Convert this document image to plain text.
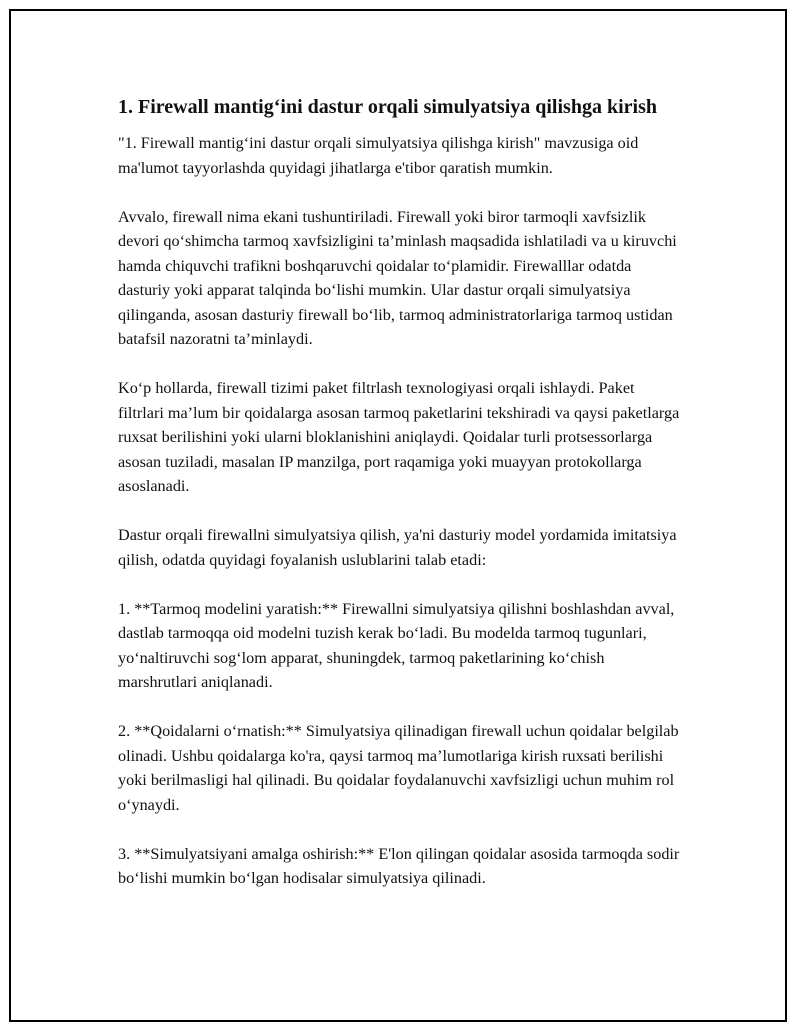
1. Firewall mantig‘ini dastur orqali simulyatsiya qilishga kirish

"1. Firewall mantig‘ini dastur orqali simulyatsiya qilishga kirish" mavzusiga oid ma'lumot tayyorlashda quyidagi jihatlarga e'tibor qaratish mumkin.

Avvalo, firewall nima ekani tushuntiriladi. Firewall yoki biror tarmoqli xavfsizlik devori qo‘shimcha tarmoq xavfsizligini ta’minlash maqsadida ishlatiladi va u kiruvchi hamda chiquvchi trafikni boshqaruvchi qoidalar to‘plamidir. Firewalllar odatda dasturiy yoki apparat talqinda bo‘lishi mumkin. Ular dastur orqali simulyatsiya qilinganda, asosan dasturiy firewall bo‘lib, tarmoq administratorlariga tarmoq ustidan batafsil nazoratni ta’minlaydi.

Ko‘p hollarda, firewall tizimi paket filtrlash texnologiyasi orqali ishlaydi. Paket filtrlari ma’lum bir qoidalarga asosan tarmoq paketlarini tekshiradi va qaysi paketlarga ruxsat berilishini yoki ularni bloklanishini aniqlaydi. Qoidalar turli protsessorlarga asosan tuziladi, masalan IP manzilga, port raqamiga yoki muayyan protokollarga asoslanadi.

Dastur orqali firewallni simulyatsiya qilish, ya'ni dasturiy model yordamida imitatsiya qilish, odatda quyidagi foyalanish uslublarini talab etadi:

1. **Tarmoq modelini yaratish:** Firewallni simulyatsiya qilishni boshlashdan avval, dastlab tarmoqqa oid modelni tuzish kerak bo‘ladi. Bu modelda tarmoq tugunlari, yo‘naltiruvchi sog‘lom apparat, shuningdek, tarmoq paketlarining ko‘chish marshrutlari aniqlanadi.

2. **Qoidalarni o‘rnatish:** Simulyatsiya qilinadigan firewall uchun qoidalar belgilab olinadi. Ushbu qoidalarga ko'ra, qaysi tarmoq ma’lumotlariga kirish ruxsati berilishi yoki berilmasligi hal qilinadi. Bu qoidalar foydalanuvchi xavfsizligi uchun muhim rol o‘ynaydi.

3. **Simulyatsiyani amalga oshirish:** E'lon qilingan qoidalar asosida tarmoqda sodir bo‘lishi mumkin bo‘lgan hodisalar simulyatsiya qilinadi.
